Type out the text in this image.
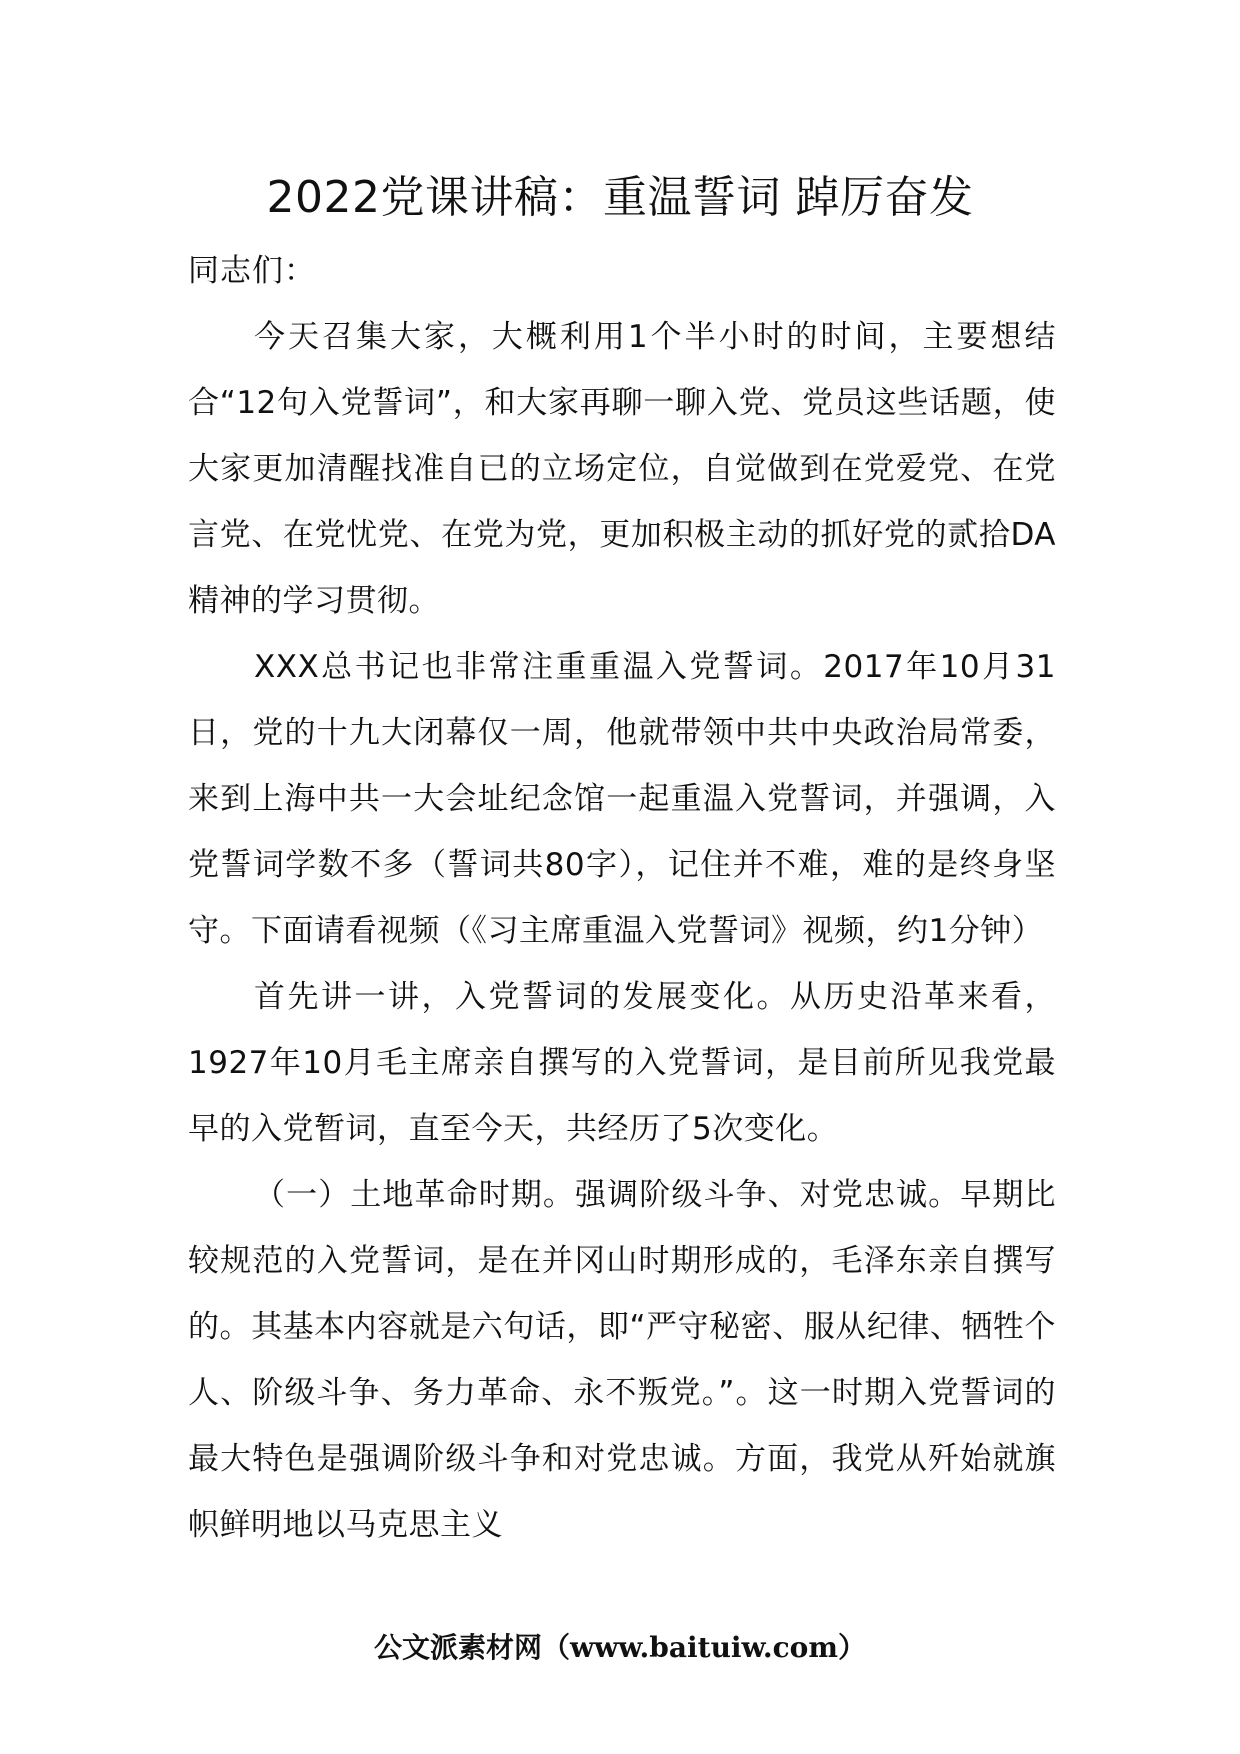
2022党课讲稿：重温誓词 踔厉奋发

同志们：

今天召集大家，大概利用1个半小时的时间，主要想结合“12句入党誓词”，和大家再聊一聊入党、党员这些话题，使大家更加清醒找准自已的立场定位，自觉做到在党爱党、在党言党、在党忧党、在党为党，更加积极主动的抓好党的贰拾DA精神的学习贯彻。

XXX总书记也非常注重重温入党誓词。2017年10月31日，党的十九大闭幕仅一周，他就带领中共中央政治局常委，来到上海中共一大会址纪念馆一起重温入党誓词，并强调，入党誓词学数不多（誓词共80字），记住并不难，难的是终身坚守。下面请看视频（《习主席重温入党誓词》视频，约1分钟）

首先讲一讲，入党誓词的发展变化。从历史沿革来看，1927年10月毛主席亲自撰写的入党誓词，是目前所见我党最早的入党暂词，直至今天，共经历了5次变化。

（一）土地革命时期。强调阶级斗争、对党忠诚。早期比较规范的入党誓词，是在并冈山时期形成的，毛泽东亲自撰写的。其基本内容就是六句话，即“严守秘密、服从纪律、牺牲个人、阶级斗争、务力革命、永不叛党。”。这一时期入党誓词的最大特色是强调阶级斗争和对党忠诚。方面，我党从歼始就旗帜鲜明地以马克思主义

公文派素材网（www.baituiw.com）
